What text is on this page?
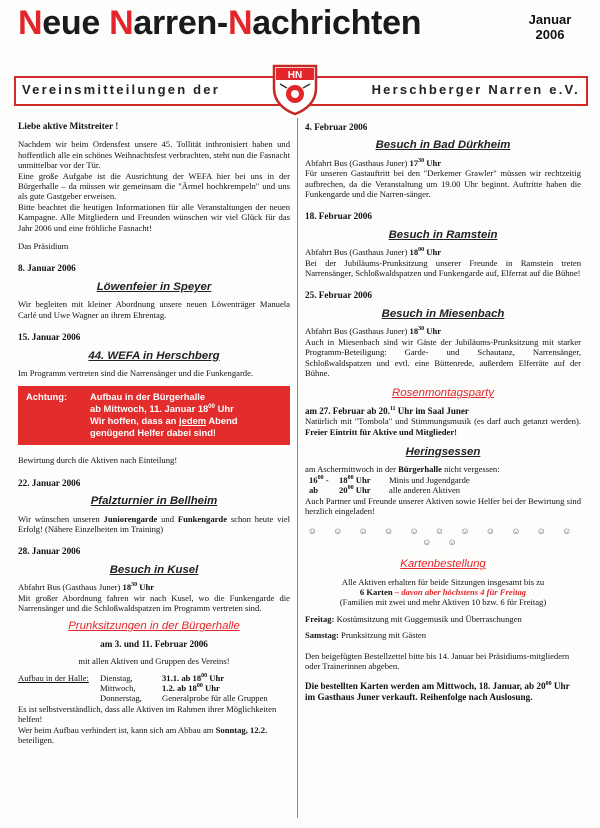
Neue Narren-Nachrichten	Januar
2006
Vereinsmitteilungen der	Herschberger Narren e.V.
HN

Liebe aktive Mitstreiter !

Nachdem wir beim Ordensfest unsere 45. Tollität inthronisiert haben und hoffentlich alle ein schönes Weihnachtsfest verbrachten, steht nun die Fasnacht unmittelbar vor der Tür.

Eine große Aufgabe ist die Ausrichtung der WEFA hier bei uns in der Bürgerhalle – da müssen wir gemeinsam die "Ärmel hochkrempeln" und uns als gute Gastgeber erweisen.

Bitte beachtet die heutigen Informationen für alle Veranstaltungen der neuen Kampagne. Alle Mitgliedern und Freunden wünschen wir viel Glück für das Jahr 2006 und eine fröhliche Fasnacht!

Das Präsidium

8. Januar 2006
Löwenfeier in Speyer

Wir begleiten mit kleiner Abordnung unsere neuen Löwenträger Manuela Carlé und Uwe Wagner an ihrem Ehrentag.

15. Januar 2006
44. WEFA in Herschberg

Im Programm vertreten sind die Narrensänger und die Funkengarde.

Achtung:	Aufbau in der Bürgerhalle
ab Mittwoch, 11. Januar $18^{00}$ Uhr
Wir hoffen, dass an jedem Abend
genügend Helfer dabei sind!

Bewirtung durch die Aktiven nach Einteilung!

22. Januar 2006
Pfalzturnier in Bellheim

Wir wünschen unseren Juniorengarde und Funkengarde schon heute viel Erfolg! (Nähere Einzelheiten im Training)

28. Januar 2006
Besuch in Kusel
Abfahrt Bus (Gasthaus Juner) $18^{30}$ Uhr

Mit großer Abordnung fahren wir nach Kusel, wo die Funkengarde die Narrensänger und die Schloßwaldspatzen im Programm vertreten sind.

Prunksitzungen in der Bürgerhalle
am 3. und 11. Februar 2006
mit allen Aktiven und Gruppen des Vereins!
Aufbau in der Halle:	Dienstag,	31.1. ab $18^{00}$ Uhr
Mittwoch,	1.2. ab $18^{00}$ Uhr
Donnerstag,	Generalprobe für alle Gruppen

Es ist selbstverständlich, dass alle Aktiven im Rahmen ihrer Möglichkeiten helfen!

Wer beim Aufbau verhindert ist, kann sich am Abbau am Sonntag, 12.2. beteiligen.

4. Februar 2006
Besuch in Bad Dürkheim
Abfahrt Bus (Gasthaus Juner) $17^{30}$ Uhr

Für unseren Gastauftritt bei den "Derkemer Grawler" müssen wir rechtzeitig aufbrechen, da die Veranstaltung um 19.00 Uhr beginnt. Auftritte haben die Funkengarde und die Narren-sänger.

18. Februar 2006
Besuch in Ramstein
Abfahrt Bus (Gasthaus Juner) $18^{00}$ Uhr

Bei der Jubiläums-Prunksitzung unserer Freunde in Ramstein treten Narrensänger, Schloßwaldspatzen und Funkengarde auf, Elferrat auf die Bühne!

25. Februar 2006
Besuch in Miesenbach
Abfahrt Bus (Gasthaus Juner) $18^{30}$ Uhr

Auch in Miesenbach sind wir Gäste der Jubiläums-Prunksitzung mit starker Programm-Beteiligung: Garde- und Schautanz, Narrensänger, Schloßwaldspatzen und evtl. eine Büttenrede, außerdem Elferräte auf der Bühne.

Rosenmontagsparty
am 27. Februar ab 20.11 Uhr im Saal Juner

Natürlich mit "Tombola" und Stimmungsmusik (es darf auch getanzt werden). Freier Eintritt für Aktive und Mitglieder!

Heringsessen
am Aschermittwoch in der Bürgerhalle nicht vergessen:
$16^{00}$ -	$18^{00}$ Uhr	Minis und Jugendgarde
ab	$20^{00}$ Uhr	alle anderen Aktiven

Auch Partner und Freunde unserer Aktiven sowie Helfer bei der Bewirtung sind herzlich eingeladen!

☺ ☺ ☺ ☺ ☺ ☺ ☺ ☺ ☺ ☺ ☺ ☺ ☺
Kartenbestellung
Alle Aktiven erhalten für beide Sitzungen insgesamt bis zu
6 Karten – davon aber höchstens 4 für Freitag

(Familien mit zwei und mehr Aktiven 10 bzw. 6 für Freitag)

Freitag: Kostümsitzung mit Guggemusik und Überraschungen

Samstag: Prunksitzung mit Gästen

Den beigefügten Bestellzettel bitte bis 14. Januar bei Präsidiums-mitgliedern oder Trainerinnen abgeben.

Die bestellten Karten werden am Mittwoch, 18. Januar, ab $20^{00}$ Uhr im Gasthaus Juner verkauft. Reihenfolge nach Auslosung.
